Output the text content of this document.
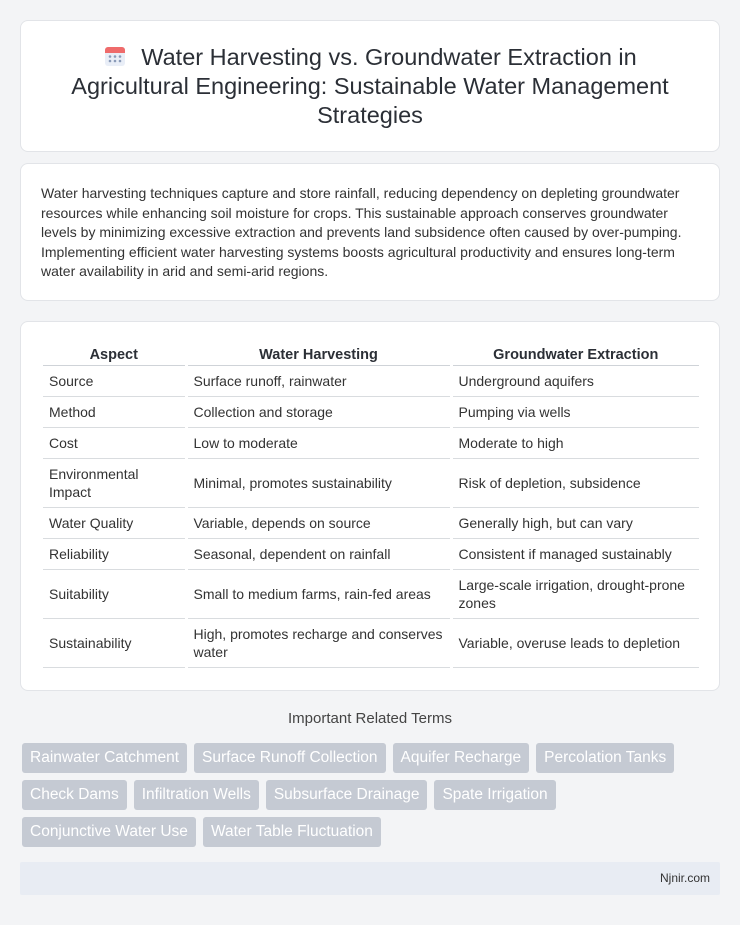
Water Harvesting vs. Groundwater Extraction in Agricultural Engineering: Sustainable Water Management Strategies

Water harvesting techniques capture and store rainfall, reducing dependency on depleting groundwater resources while enhancing soil moisture for crops. This sustainable approach conserves groundwater levels by minimizing excessive extraction and prevents land subsidence often caused by over-pumping. Implementing efficient water harvesting systems boosts agricultural productivity and ensures long-term water availability in arid and semi-arid regions.

Aspect	Water Harvesting	Groundwater Extraction
Source	Surface runoff, rainwater	Underground aquifers
Method	Collection and storage	Pumping via wells
Cost	Low to moderate	Moderate to high
Environmental Impact	Minimal, promotes sustainability	Risk of depletion, subsidence
Water Quality	Variable, depends on source	Generally high, but can vary
Reliability	Seasonal, dependent on rainfall	Consistent if managed sustainably
Suitability	Small to medium farms, rain-fed areas	Large-scale irrigation, drought-prone zones
Sustainability	High, promotes recharge and conserves water	Variable, overuse leads to depletion
Important Related Terms
Rainwater Catchment	Surface Runoff Collection	Aquifer Recharge	Percolation Tanks
Check Dams	Infiltration Wells	Subsurface Drainage	Spate Irrigation
Conjunctive Water Use	Water Table Fluctuation
Njnir.com
